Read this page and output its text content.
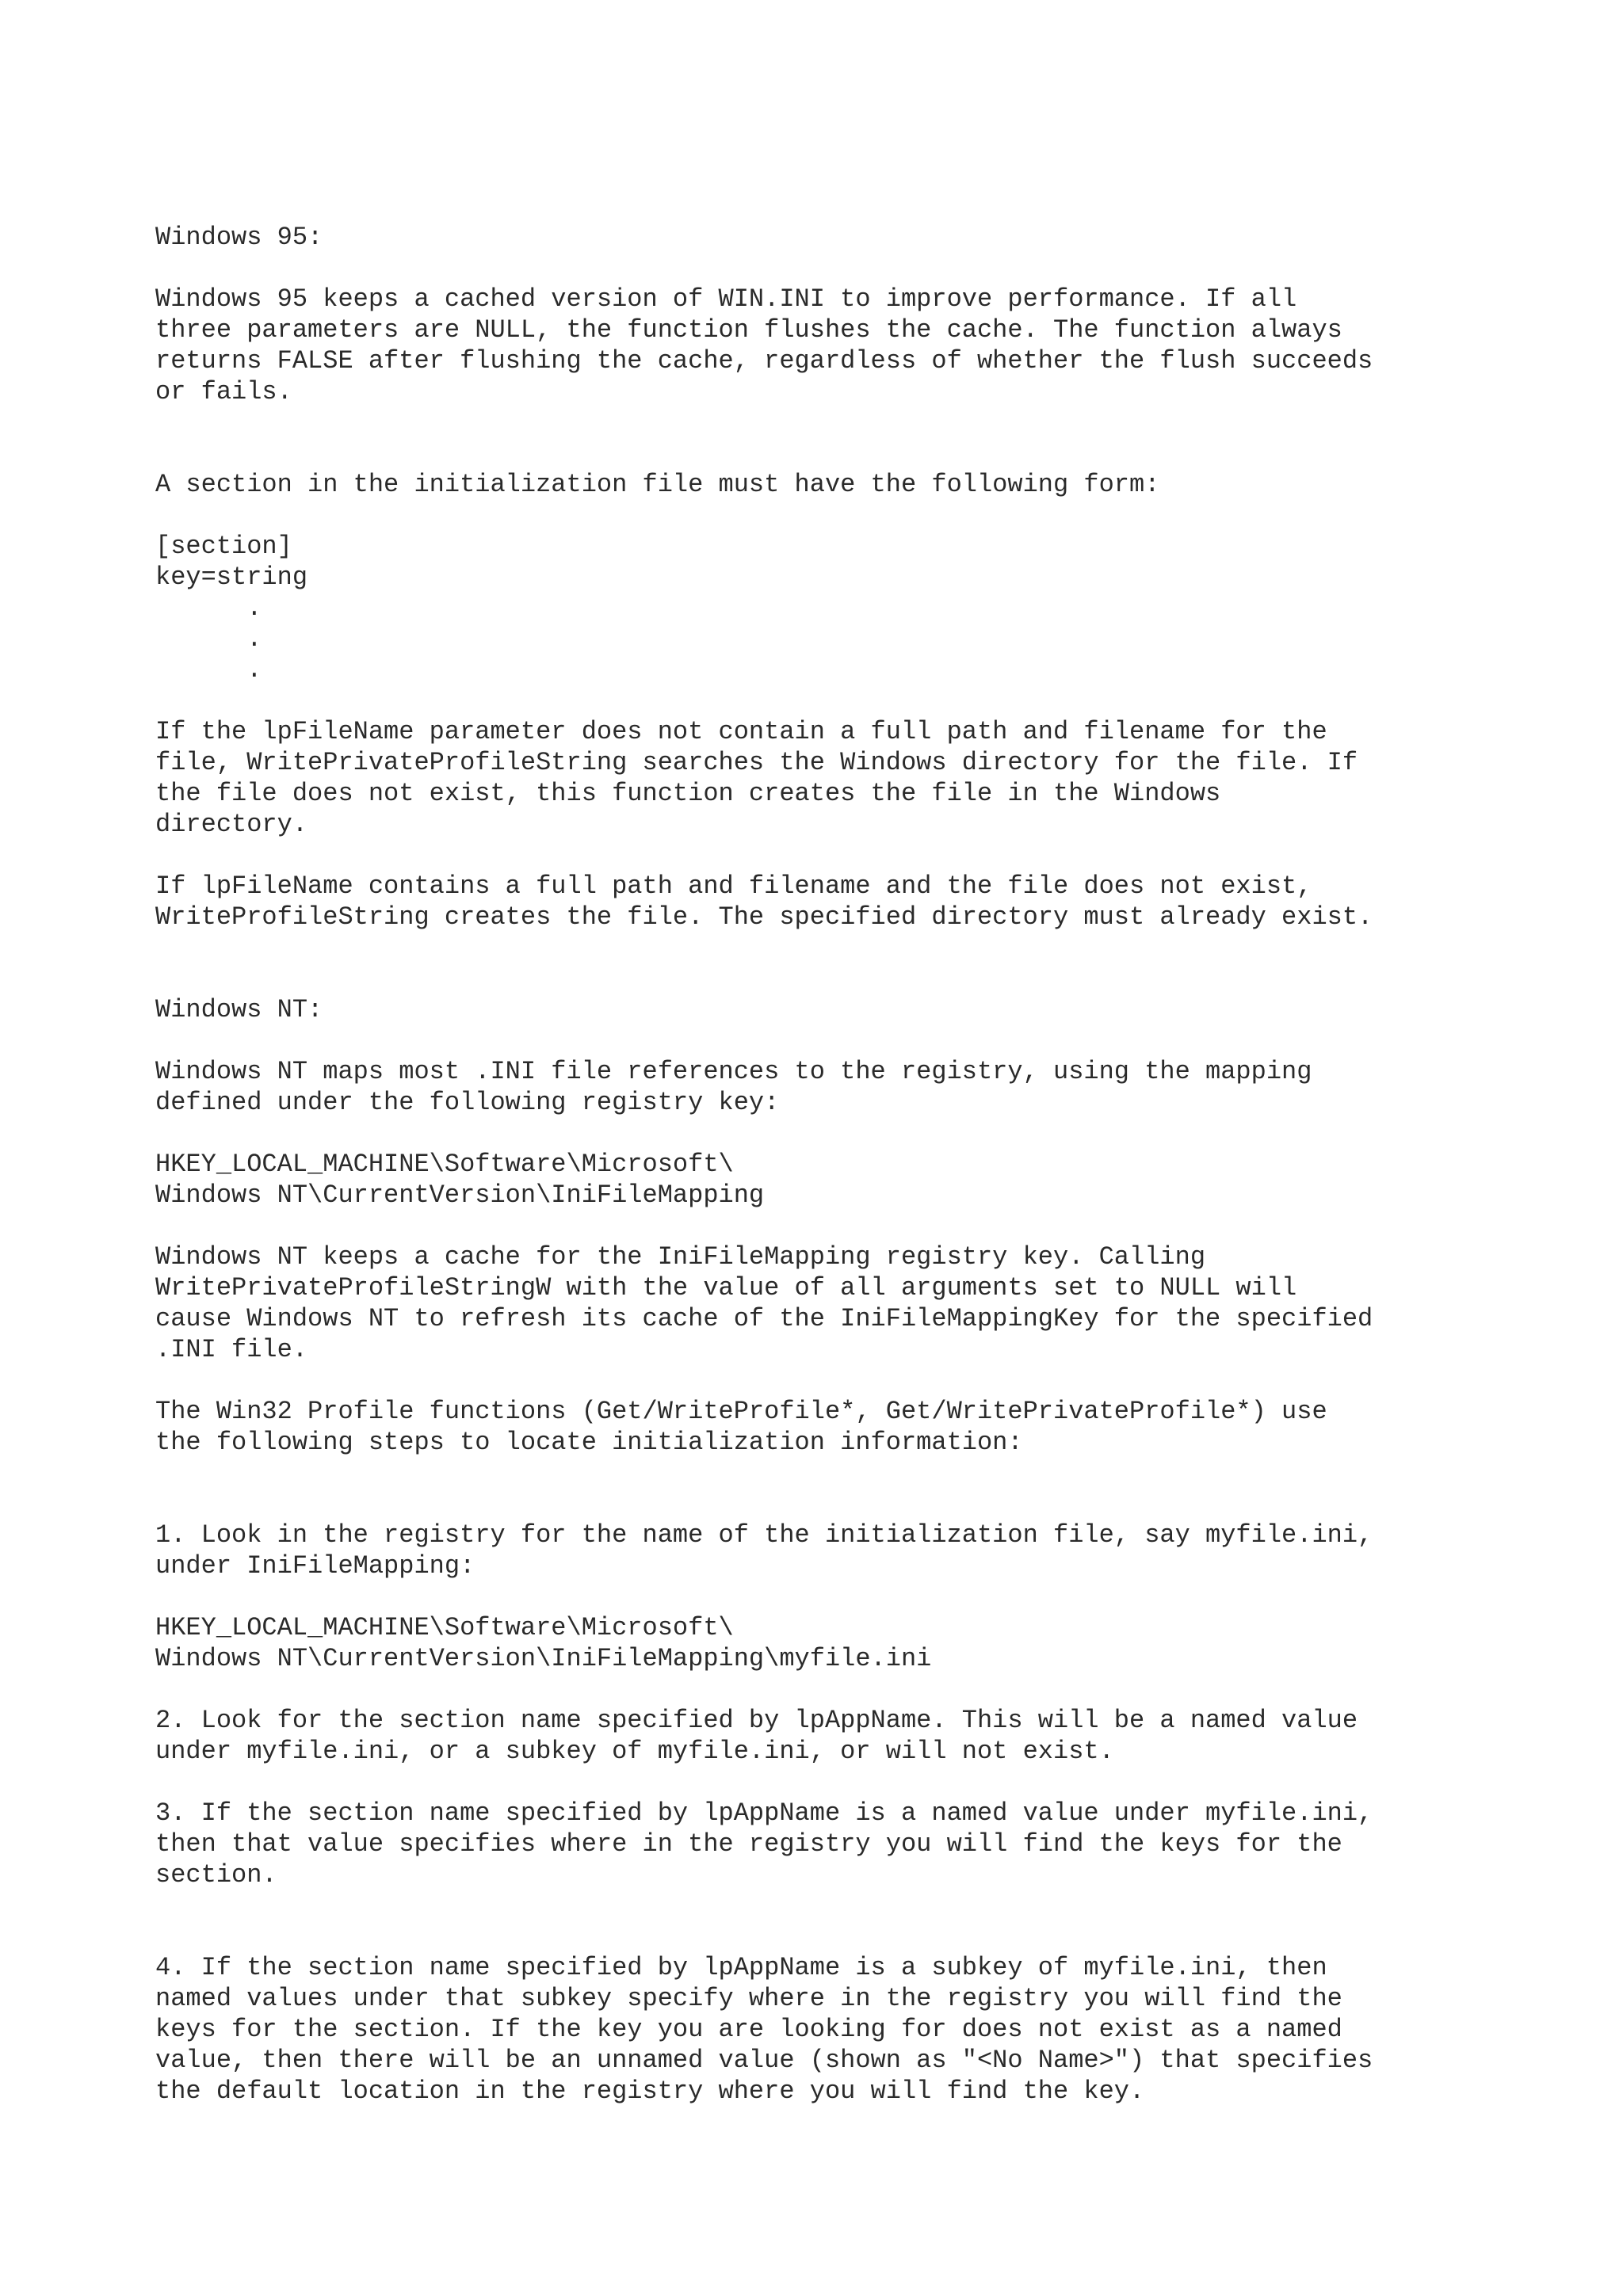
Windows 95:
Windows 95 keeps a cached version of WIN.INI to improve performance. If all
three parameters are NULL, the function flushes the cache. The function always
returns FALSE after flushing the cache, regardless of whether the flush succeeds
or fails.
A section in the initialization file must have the following form:
[section]
key=string
.
.
.
If the lpFileName parameter does not contain a full path and filename for the
file, WritePrivateProfileString searches the Windows directory for the file. If
the file does not exist, this function creates the file in the Windows
directory.
If lpFileName contains a full path and filename and the file does not exist,
WriteProfileString creates the file. The specified directory must already exist.
Windows NT:
Windows NT maps most .INI file references to the registry, using the mapping
defined under the following registry key:
HKEY_LOCAL_MACHINE\Software\Microsoft\
Windows NT\CurrentVersion\IniFileMapping
Windows NT keeps a cache for the IniFileMapping registry key. Calling
WritePrivateProfileStringW with the value of all arguments set to NULL will
cause Windows NT to refresh its cache of the IniFileMappingKey for the specified
.INI file.
The Win32 Profile functions (Get/WriteProfile*, Get/WritePrivateProfile*) use
the following steps to locate initialization information:
1. Look in the registry for the name of the initialization file, say myfile.ini,
under IniFileMapping:
HKEY_LOCAL_MACHINE\Software\Microsoft\
Windows NT\CurrentVersion\IniFileMapping\myfile.ini
2. Look for the section name specified by lpAppName. This will be a named value
under myfile.ini, or a subkey of myfile.ini, or will not exist.
3. If the section name specified by lpAppName is a named value under myfile.ini,
then that value specifies where in the registry you will find the keys for the
section.
4. If the section name specified by lpAppName is a subkey of myfile.ini, then
named values under that subkey specify where in the registry you will find the
keys for the section. If the key you are looking for does not exist as a named
value, then there will be an unnamed value (shown as "<No Name>") that specifies
the default location in the registry where you will find the key.
